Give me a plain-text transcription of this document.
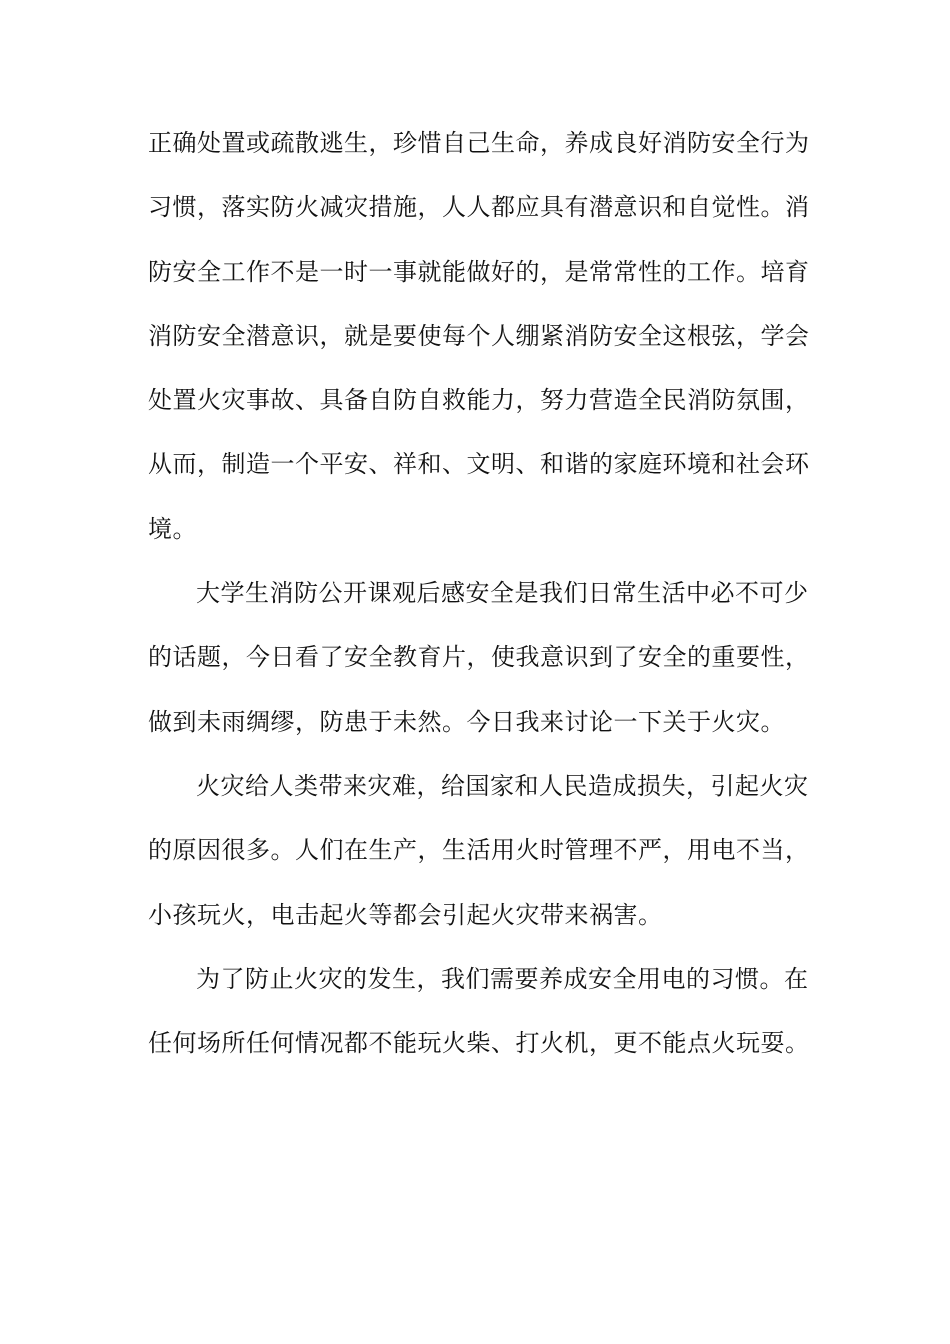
正确处置或疏散逃生，珍惜自己生命，养成良好消防安全行为
习惯，落实防火减灾措施，人人都应具有潜意识和自觉性。消
防安全工作不是一时一事就能做好的，是常常性的工作。培育
消防安全潜意识，就是要使每个人绷紧消防安全这根弦，学会
处置火灾事故、具备自防自救能力，努力营造全民消防氛围，
从而，制造一个平安、祥和、文明、和谐的家庭环境和社会环
境。
大学生消防公开课观后感安全是我们日常生活中必不可少
的话题，今日看了安全教育片，使我意识到了安全的重要性，
做到未雨绸缪，防患于未然。今日我来讨论一下关于火灾。
火灾给人类带来灾难，给国家和人民造成损失，引起火灾
的原因很多。人们在生产，生活用火时管理不严，用电不当，
小孩玩火，电击起火等都会引起火灾带来祸害。
为了防止火灾的发生，我们需要养成安全用电的习惯。在
任何场所任何情况都不能玩火柴、打火机，更不能点火玩耍。
